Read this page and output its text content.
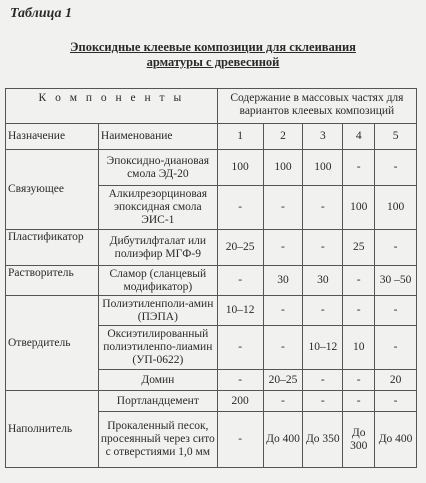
Таблица 1
Эпоксидные клеевые композиции для склеивания
арматуры с древесиной
К о м п о н е н т ы		Содержание в массовых частях для вариантов клеевых композиций				
Назначение	Наименование	1	2	3	4	5
Связующее	Эпоксидно-диановая смола ЭД-20	100	100	100	-	-
	Алкилрезорциновая эпоксидная смола ЭИС-1	-	-	-	100	100
Пластификатор	Дибутилфталат или полиэфир МГФ-9	20–25	-	-	25	-
Растворитель	Сламор (сланцевый модификатор)	-	30	30	-	30 –50
Отвердитель	Полиэтиленполи-амин (ПЭПА)	10–12	-	-	-	-
	Оксиэтилированный полиэтиленпо-лиамин (УП-0622)	-	-	10–12	10	-
	Домин	-	20–25	-	-	20
Наполнитель	Портландцемент	200	-	-	-	-
	Прокаленный песок, просеянный через сито с отверстиями 1,0 мм	-	До 400	До 350	До 300	До 400
